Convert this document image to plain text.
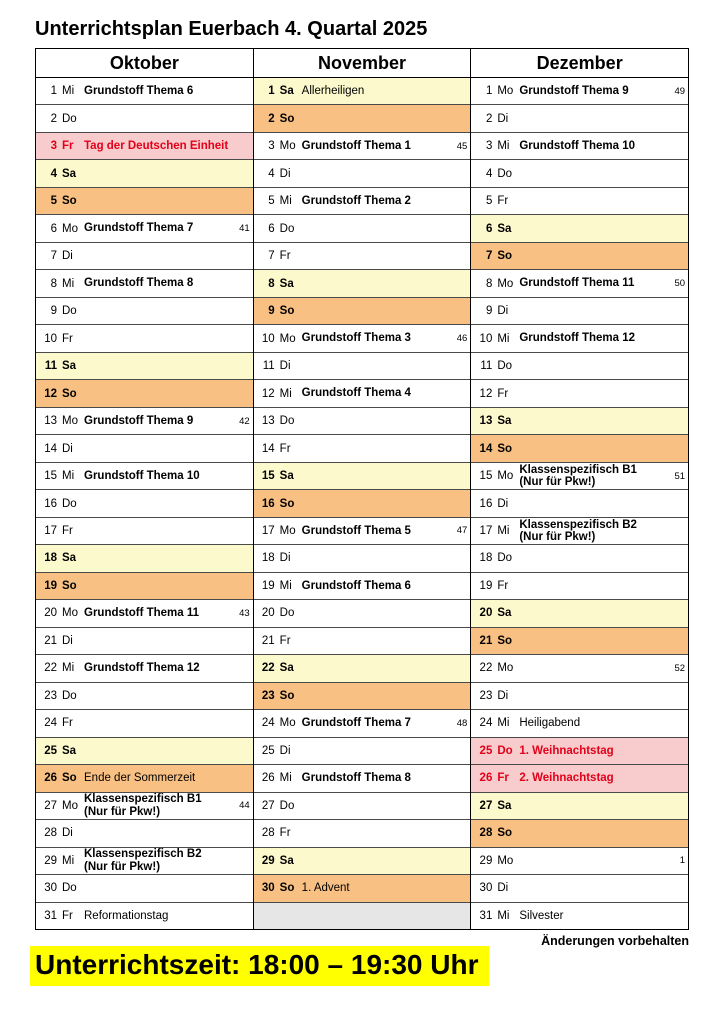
Unterrichtsplan Euerbach 4. Quartal 2025
Oktober
1 Mi Grundstoff Thema 6
2 Do
3 Fr Tag der Deutschen Einheit
4 Sa
5 So
6 Mo Grundstoff Thema 7	41
7 Di
8 Mi Grundstoff Thema 8
9 Do
10 Fr
11 Sa
12 So
13 Mo Grundstoff Thema 9	42
14 Di
15 Mi Grundstoff Thema 10
16 Do
17 Fr
18 Sa
19 So
20 Mo Grundstoff Thema 11	43
21 Di
22 Mi Grundstoff Thema 12
23 Do
24 Fr
25 Sa
26 So Ende der Sommerzeit
27 Mo
Klassenspezifisch B1
(Nur für Pkw!)	44
28 Di
29 Mi
Klassenspezifisch B2
(Nur für Pkw!)
30 Do
31 Fr Reformationstag
November
1 Sa Allerheiligen
2 So
3 Mo Grundstoff Thema 1	45
4 Di
5 Mi Grundstoff Thema 2
6 Do
7 Fr
8 Sa
9 So
10 Mo Grundstoff Thema 3	46
11 Di
12 Mi Grundstoff Thema 4
13 Do
14 Fr
15 Sa
16 So
17 Mo Grundstoff Thema 5	47
18 Di
19 Mi Grundstoff Thema 6
20 Do
21 Fr
22 Sa
23 So
24 Mo Grundstoff Thema 7	48
25 Di
26 Mi Grundstoff Thema 8
27 Do
28 Fr
29 Sa
30 So 1. Advent
Dezember
1 Mo Grundstoff Thema 9	49
2 Di
3 Mi Grundstoff Thema 10
4 Do
5 Fr
6 Sa
7 So
8 Mo Grundstoff Thema 11	50
9 Di
10 Mi Grundstoff Thema 12
11 Do
12 Fr
13 Sa
14 So
15 Mo
Klassenspezifisch B1
(Nur für Pkw!)	51
16 Di
17 Mi
Klassenspezifisch B2
(Nur für Pkw!)
18 Do
19 Fr
20 Sa
21 So
22 Mo	52
23 Di
24 Mi Heiligabend
25 Do 1. Weihnachtstag
26 Fr 2. Weihnachtstag
27 Sa
28 So
29 Mo	1
30 Di
31 Mi Silvester
Änderungen vorbehalten
Unterrichtszeit: 18:00 – 19:30 Uhr
